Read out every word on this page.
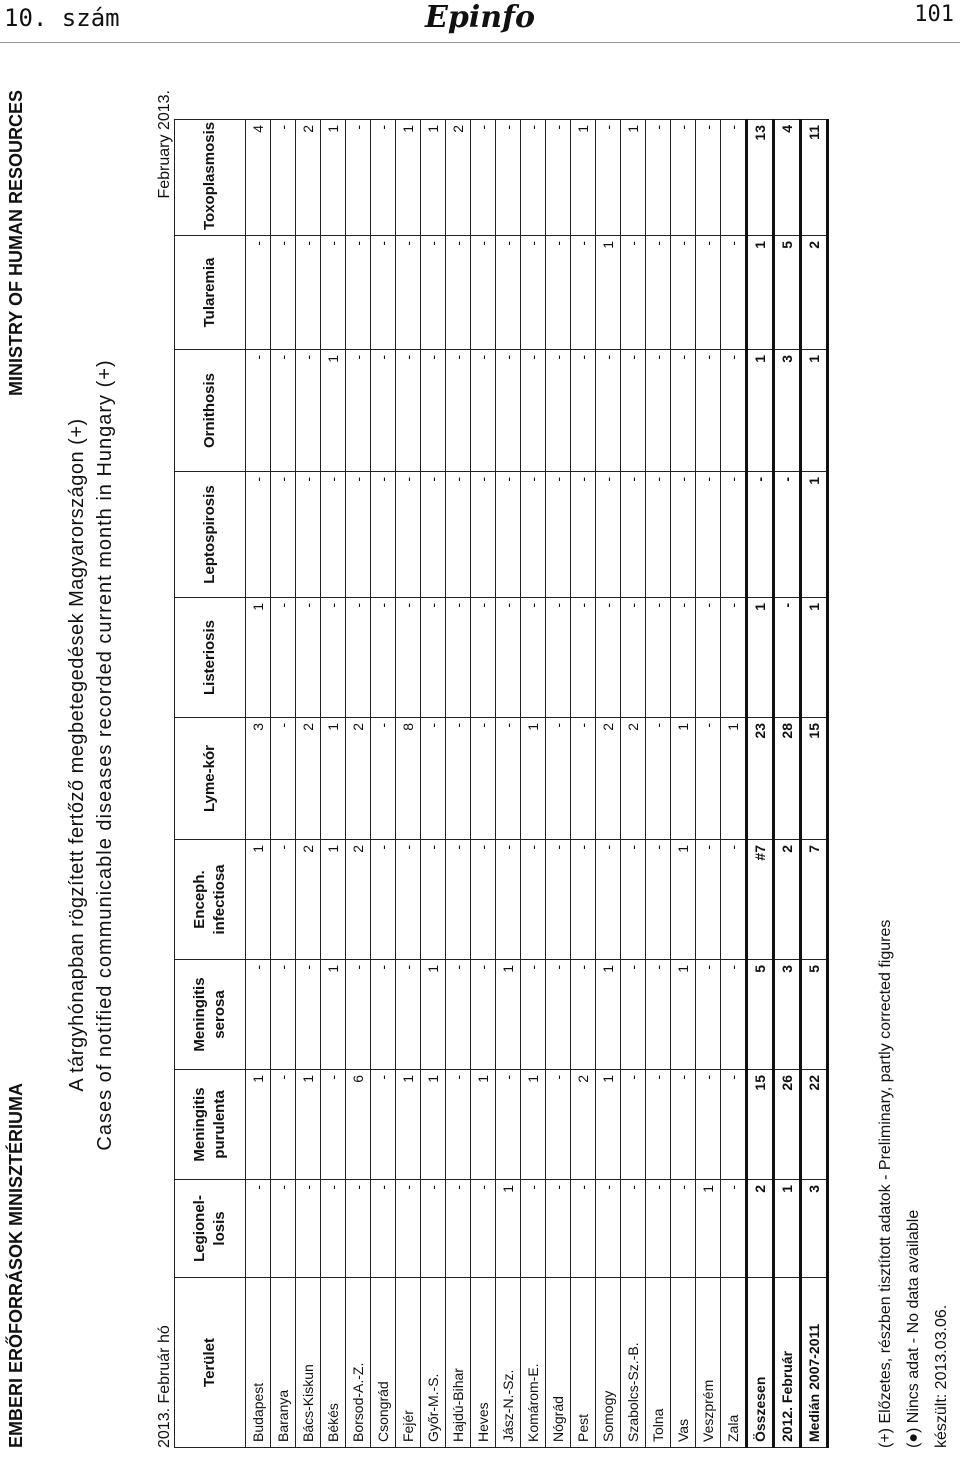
10. szám	Epinfo	101
EMBERI ERŐFORRÁSOK MINISZTÉRIUMA
MINISTRY OF HUMAN RESOURCES
A tárgyhónapban rögzített fertőző megbetegedések Magyarországon (+) Cases of notified communicable diseases recorded current month in Hungary (+)
2013. Február hó
February 2013.
Terület	Legionel- losis	Meningitis purulenta	Meningitis serosa	Enceph. infectiosa	Lyme-kór	Listeriosis	Leptospirosis	Ornithosis	Tularemia	Toxoplasmosis

Budapest	-	1	-	1	3	1	-	-	-	4
Baranya	-	-	-	-	-	-	-	-	-	-
Bács-Kiskun	-	1	-	2	2	-	-	-	-	2
Békés	-	-	1	1	1	-	-	1	-	1
Borsod-A.-Z.	-	6	-	2	2	-	-	-	-	-
Csongrád	-	-	-	-	-	-	-	-	-	-
Fejér	-	1	-	-	8	-	-	-	-	1
Győr-M.-S.	-	1	1	-	-	-	-	-	-	1
Hajdú-Bihar	-	-	-	-	-	-	-	-	-	2
Heves	-	1	-	-	-	-	-	-	-	-
Jász-N.-Sz.	1	-	1	-	-	-	-	-	-	-
Komárom-E.	-	1	-	-	1	-	-	-	-	-
Nógrád	-	-	-	-	-	-	-	-	-	-
Pest	-	2	-	-	-	-	-	-	-	1
Somogy	-	1	1	-	2	-	-	-	1	-
Szabolcs-Sz.-B.	-	-	-	-	2	-	-	-	-	1
Tolna	-	-	-	-	-	-	-	-	-	-
Vas	-	-	1	1	1	-	-	-	-	-
Veszprém	1	-	-	-	-	-	-	-	-	-
Zala	-	-	-	-	1	-	-	-	-	-
Összesen	2	15	5	#7	23	1	-	1	1	13
2012. Február	1	26	3	2	28	-	-	3	5	4
Medián 2007-2011	3	22	5	7	15	1	1	1	2	11
(+) Előzetes, részben tisztított adatok - Preliminary, partly corrected figures (●) Nincs adat - No data available készült: 2013.03.06.
